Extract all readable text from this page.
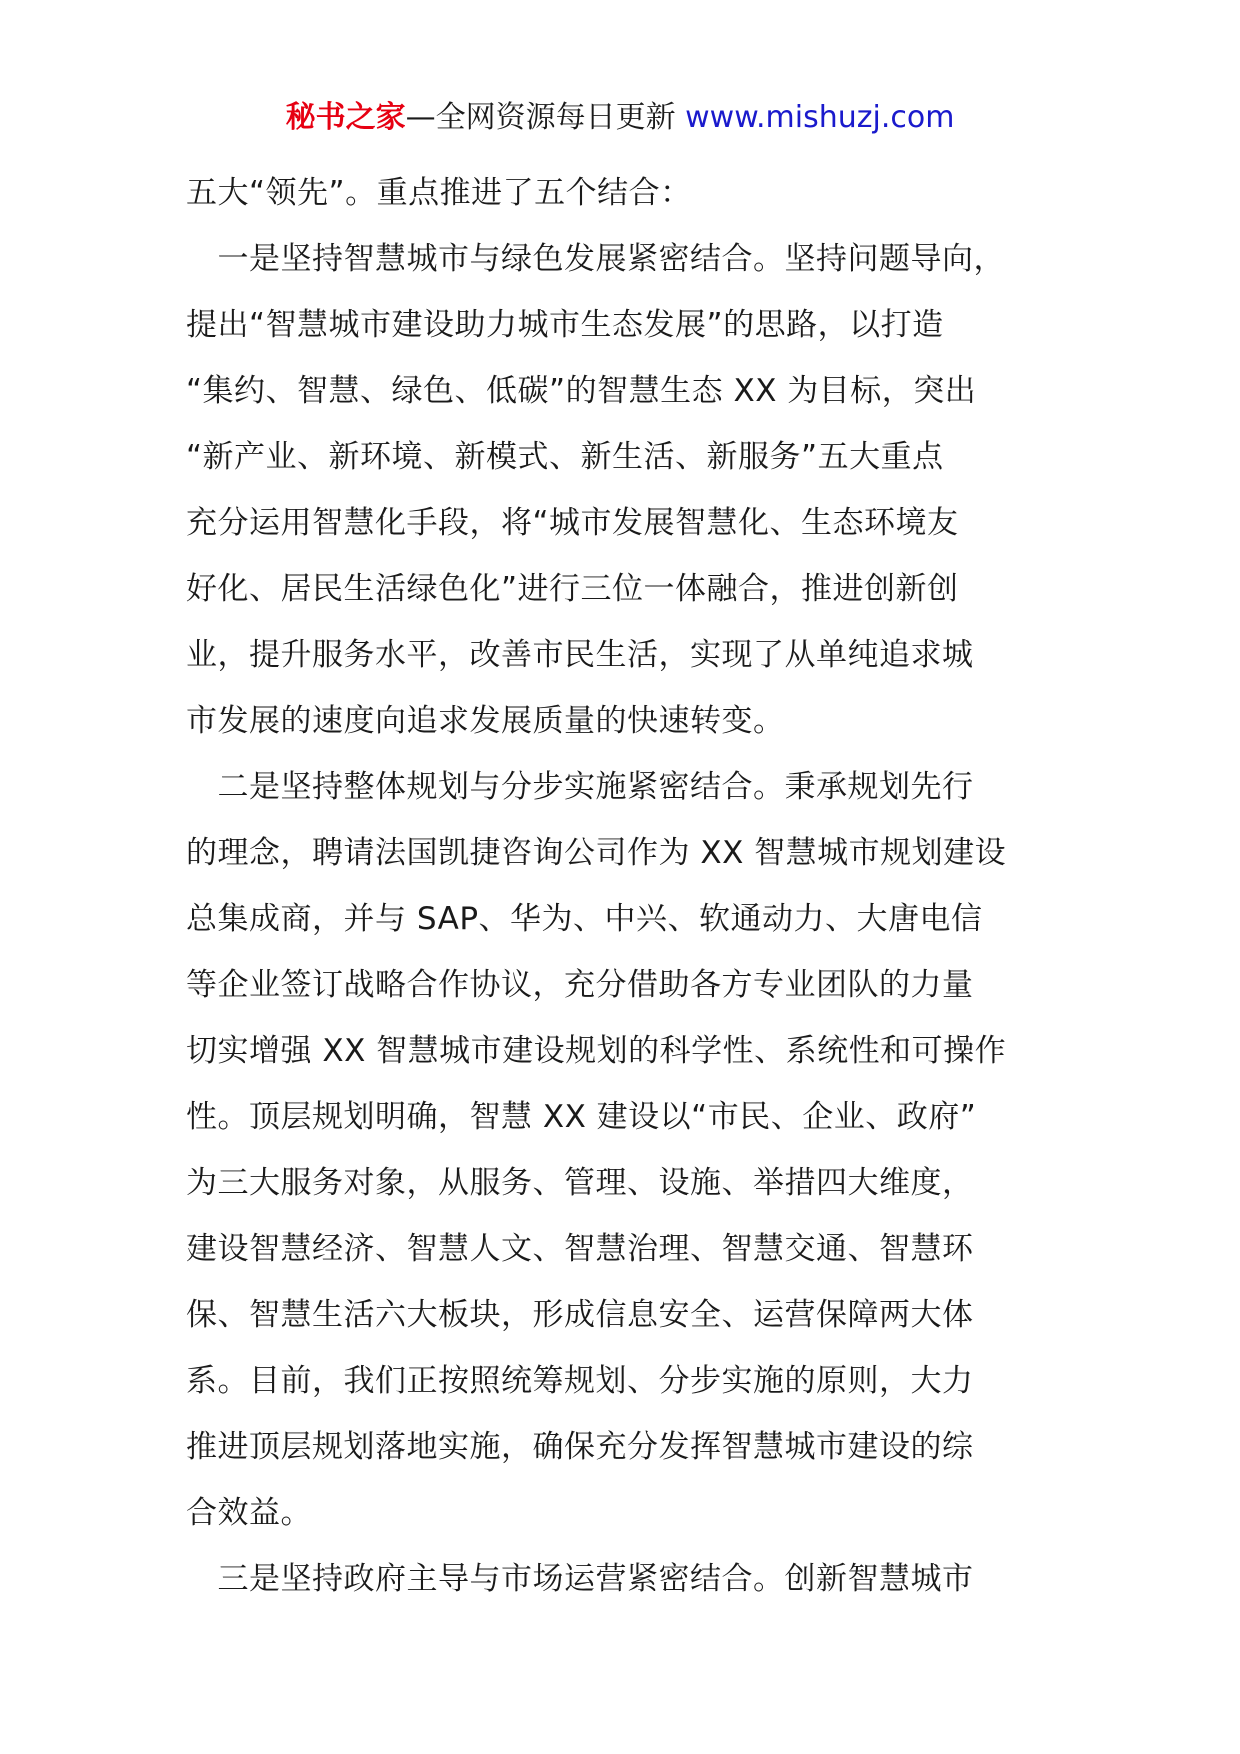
秘书之家—全网资源每日更新 www.mishuzj.com
五大“领先”。重点推进了五个结合：
　一是坚持智慧城市与绿色发展紧密结合。坚持问题导向，
提出“智慧城市建设助力城市生态发展”的思路，以打造
“集约、智慧、绿色、低碳”的智慧生态 XX 为目标，突出
“新产业、新环境、新模式、新生活、新服务”五大重点
充分运用智慧化手段，将“城市发展智慧化、生态环境友
好化、居民生活绿色化”进行三位一体融合，推进创新创
业，提升服务水平，改善市民生活，实现了从单纯追求城
市发展的速度向追求发展质量的快速转变。
　二是坚持整体规划与分步实施紧密结合。秉承规划先行
的理念，聘请法国凯捷咨询公司作为 XX 智慧城市规划建设
总集成商，并与 SAP、华为、中兴、软通动力、大唐电信
等企业签订战略合作协议，充分借助各方专业团队的力量
切实增强 XX 智慧城市建设规划的科学性、系统性和可操作
性。顶层规划明确，智慧 XX 建设以“市民、企业、政府”
为三大服务对象，从服务、管理、设施、举措四大维度，
建设智慧经济、智慧人文、智慧治理、智慧交通、智慧环
保、智慧生活六大板块，形成信息安全、运营保障两大体
系。目前，我们正按照统筹规划、分步实施的原则，大力
推进顶层规划落地实施，确保充分发挥智慧城市建设的综
合效益。
　三是坚持政府主导与市场运营紧密结合。创新智慧城市
